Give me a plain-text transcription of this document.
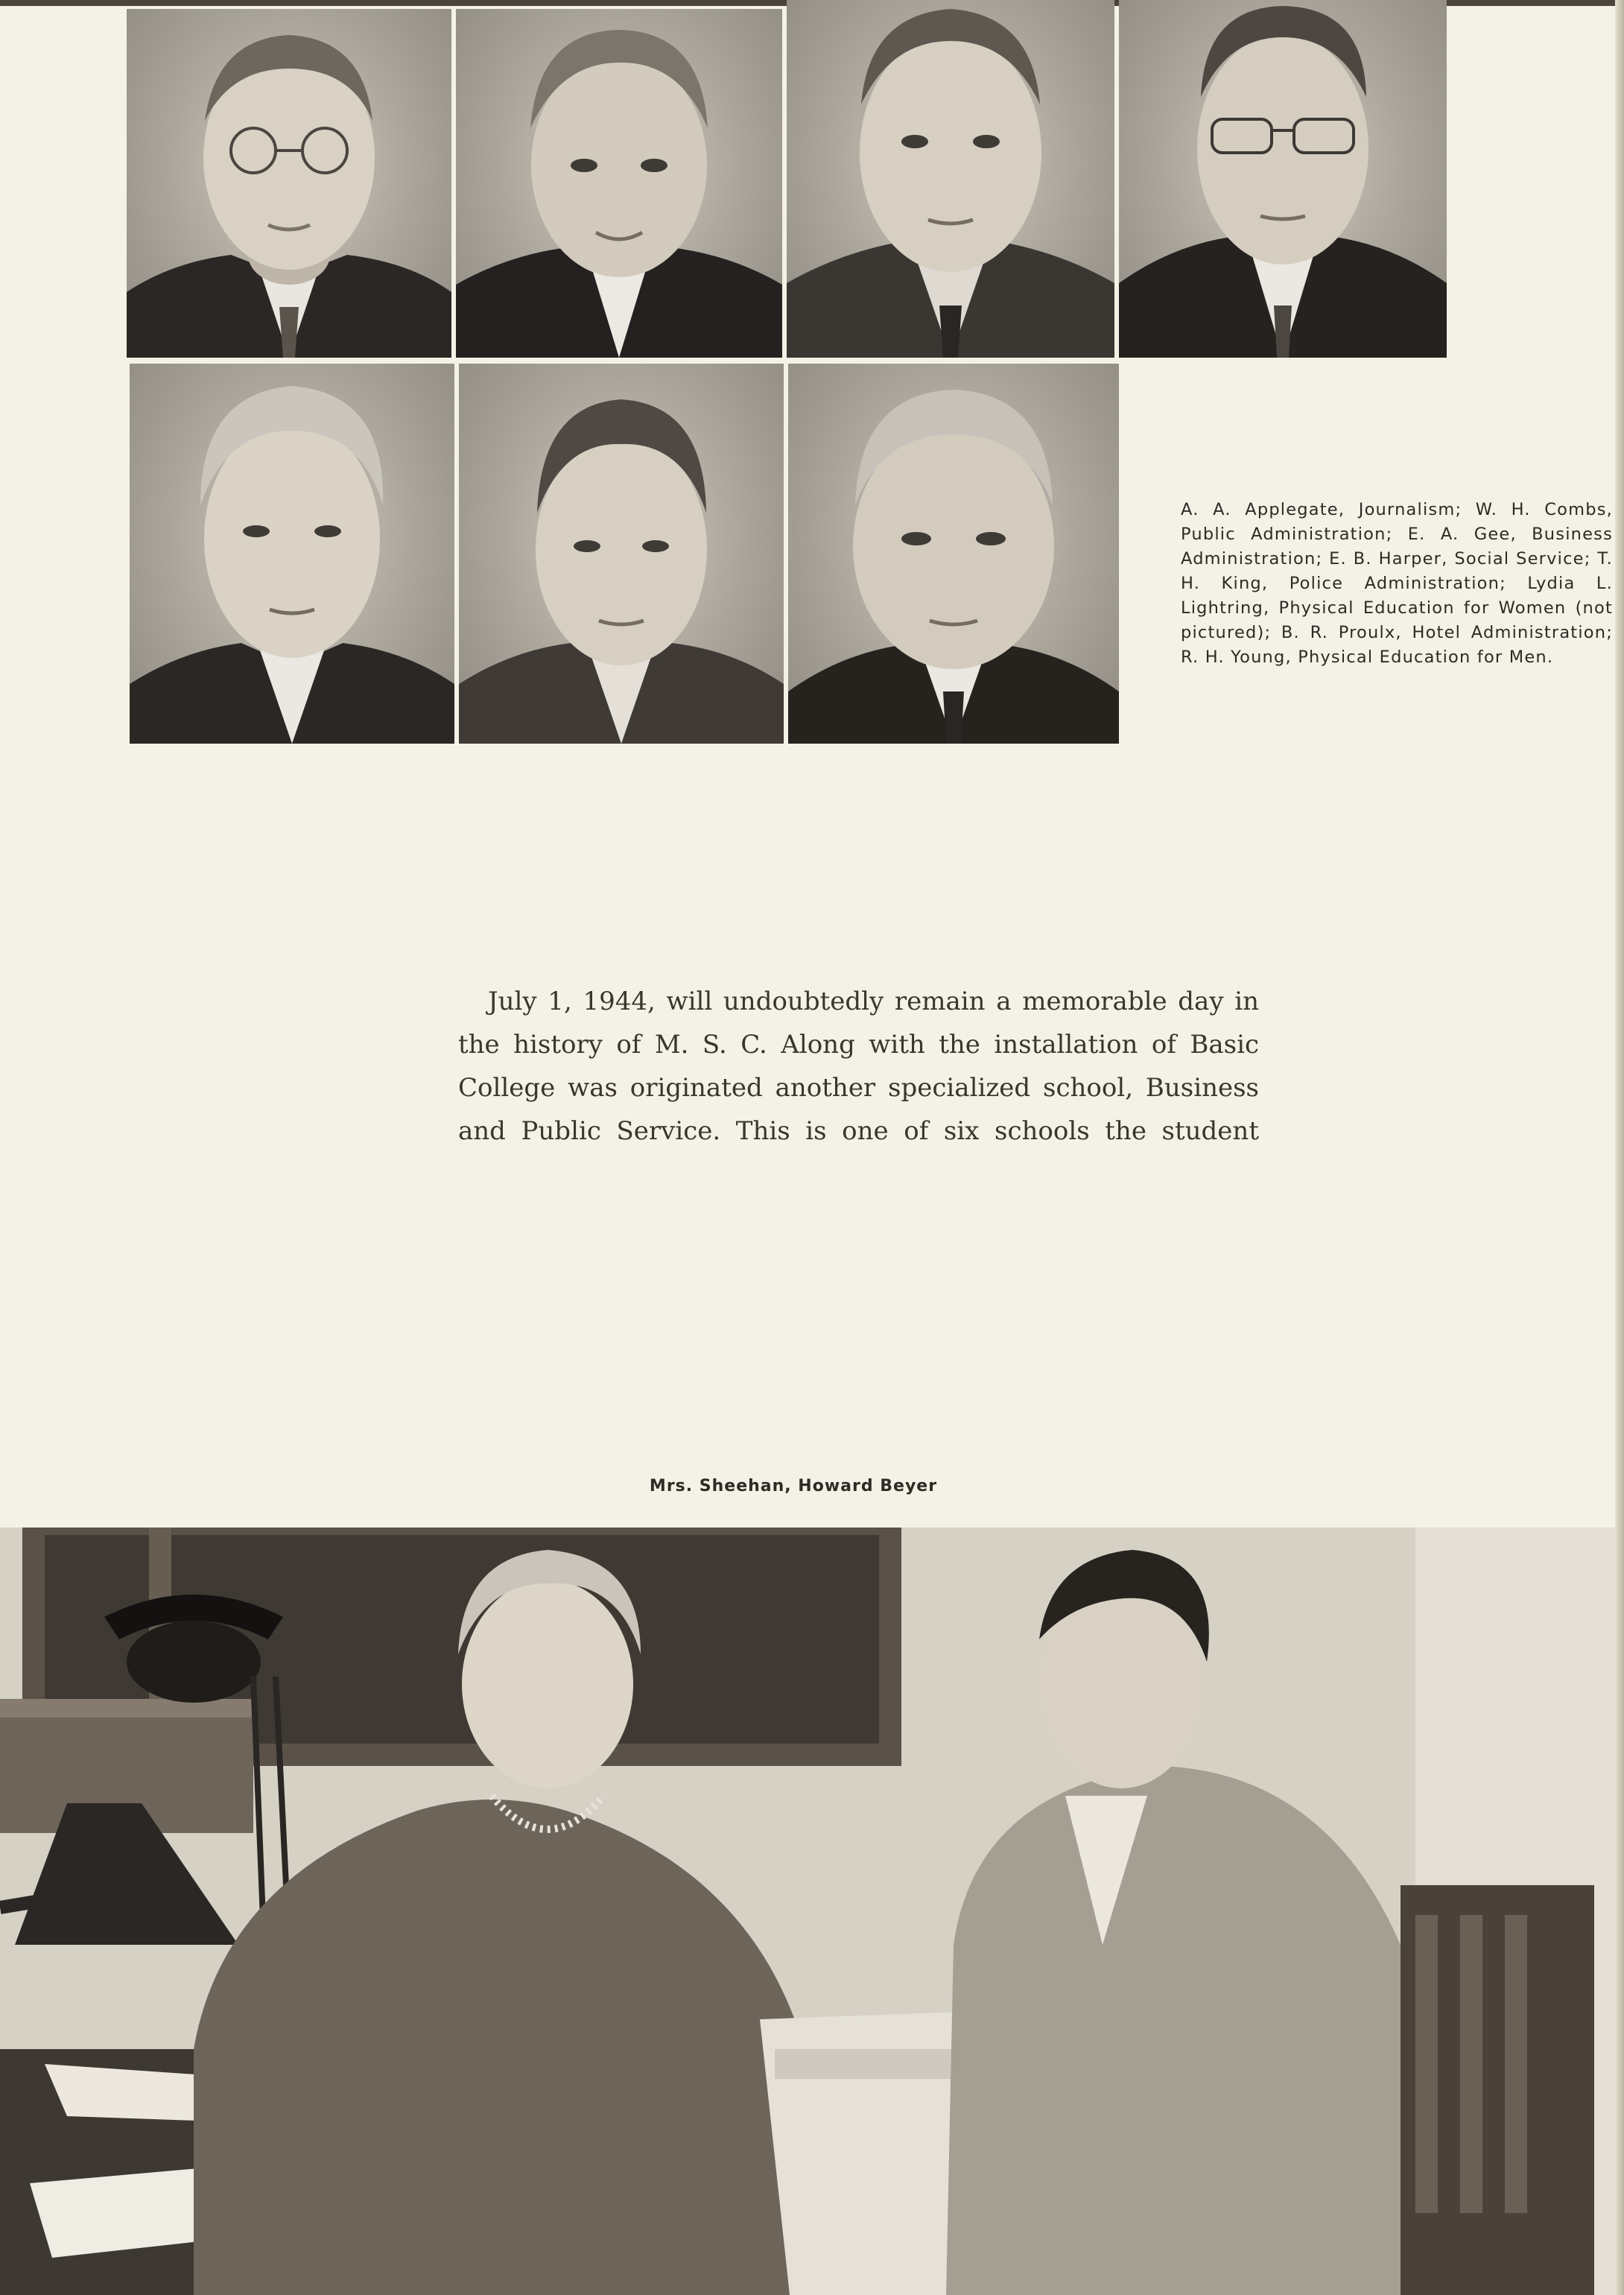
A. A. Applegate, Journalism; W. H. Combs, Public Administration; E. A. Gee, Business Administration; E. B. Harper, Social Service; T. H. King, Police Administration; Lydia L. Lightring, Physical Education for Women (not pictured); B. R. Proulx, Hotel Administration; R. H. Young, Physical Education for Men.

July 1, 1944, will undoubtedly remain a memorable day in
the history of M. S. C. Along with the installation of Basic
College was originated another specialized school, Business
and Public Service. This is one of six schools the student

Mrs. Sheehan, Howard Beyer
